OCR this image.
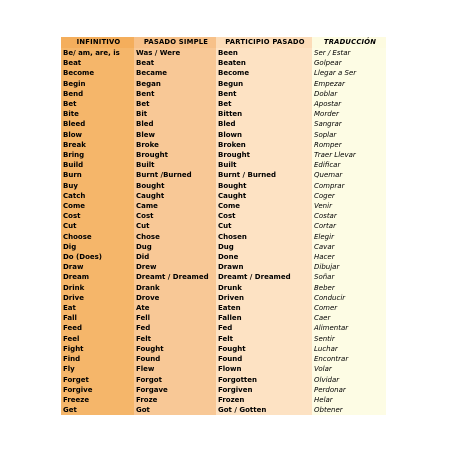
INFINITIVO	PASADO SIMPLE	PARTICIPIO PASADO	TRADUCCIÓN
Be/ am, are, is	Was / Were	Been	Ser / Estar
Beat	Beat	Beaten	Golpear
Become	Became	Become	Llegar a Ser
Begin	Began	Begun	Empezar
Bend	Bent	Bent	Doblar
Bet	Bet	Bet	Apostar
Bite	Bit	Bitten	Morder
Bleed	Bled	Bled	Sangrar
Blow	Blew	Blown	Soplar
Break	Broke	Broken	Romper
Bring	Brought	Brought	Traer Llevar
Build	Built	Built	Edificar
Burn	Burnt /Burned	Burnt / Burned	Quemar
Buy	Bought	Bought	Comprar
Catch	Caught	Caught	Coger
Come	Came	Come	Venir
Cost	Cost	Cost	Costar
Cut	Cut	Cut	Cortar
Choose	Chose	Chosen	Elegir
Dig	Dug	Dug	Cavar
Do (Does)	Did	Done	Hacer
Draw	Drew	Drawn	Dibujar
Dream	Dreamt / Dreamed	Dreamt / Dreamed	Soñar
Drink	Drank	Drunk	Beber
Drive	Drove	Driven	Conducir
Eat	Ate	Eaten	Comer
Fall	Fell	Fallen	Caer
Feed	Fed	Fed	Alimentar
Feel	Felt	Felt	Sentir
Fight	Fought	Fought	Luchar
Find	Found	Found	Encontrar
Fly	Flew	Flown	Volar
Forget	Forgot	Forgotten	Olvidar
Forgive	Forgave	Forgiven	Perdonar
Freeze	Froze	Frozen	Helar
Get	Got	Got / Gotten	Obtener
